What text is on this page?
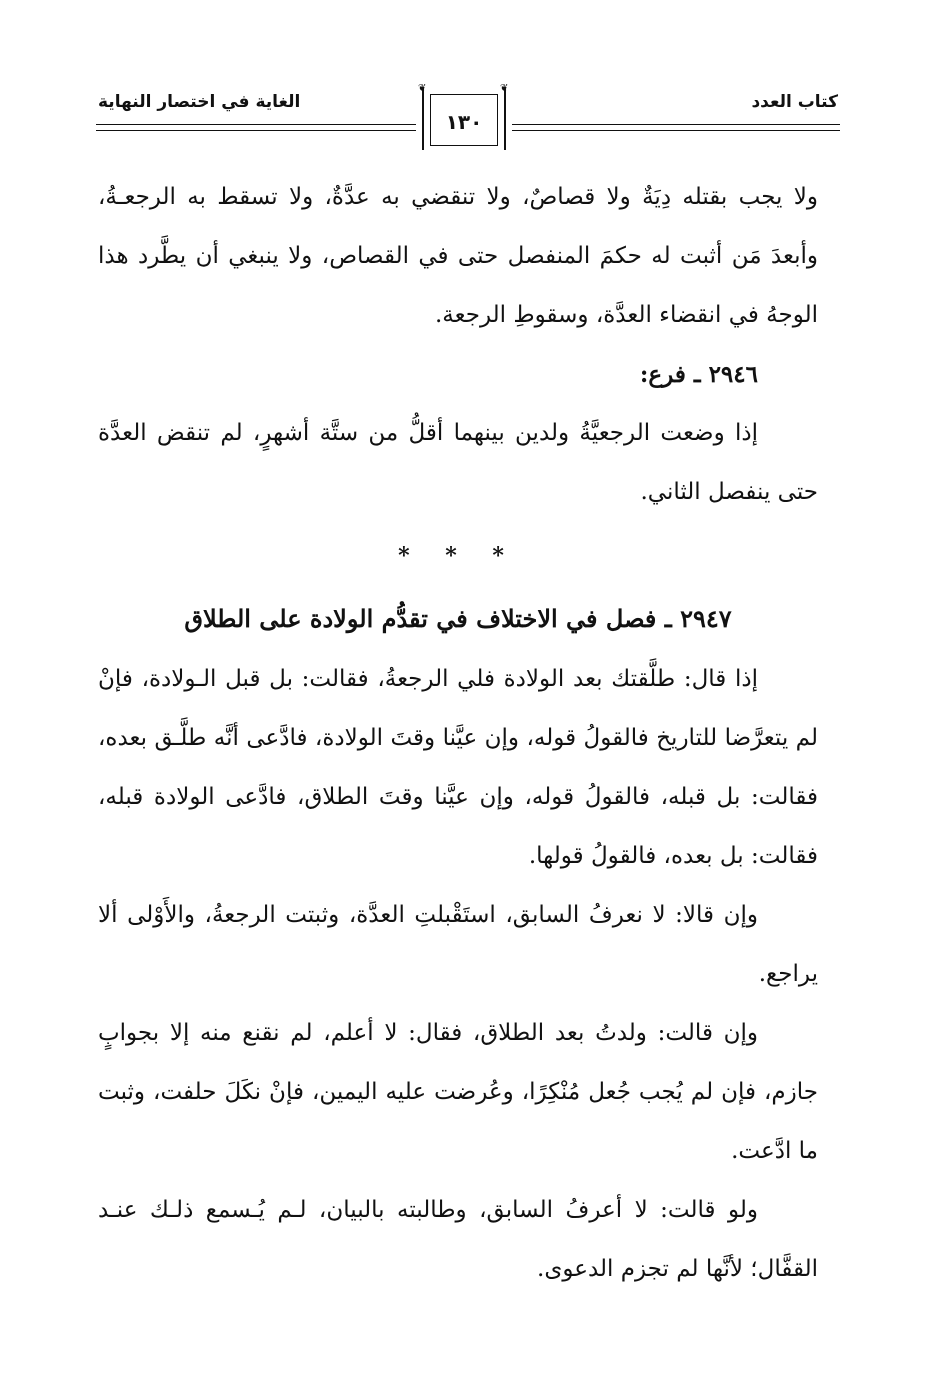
كتاب العدد
الغاية في اختصار النهاية
❦	❦
١٣٠

ولا يجب بقتله دِيَةٌ ولا قصاصٌ، ولا تنقضي به عدَّةٌ، ولا تسقط به الرجعـةُ، وأبعدَ مَن أثبت له حكمَ المنفصل حتى في القصاص، ولا ينبغي أن يطَّرد هذا الوجهُ في انقضاء العدَّة، وسقوطِ الرجعة.

٢٩٤٦ ـ فرع:

إذا وضعت الرجعيَّةُ ولدين بينهما أقلُّ من ستَّة أشهرٍ، لم تنقض العدَّة حتى ينفصل الثاني.

* * *

٢٩٤٧ ـ فصل في الاختلاف في تقدُّم الولادة على الطلاق

إذا قال: طلَّقتك بعد الولادة فلي الرجعةُ، فقالت: بل قبل الـولادة، فإنْ لم يتعرَّضا للتاريخ فالقولُ قوله، وإن عيَّنا وقتَ الولادة، فادَّعى أنَّه طلَّـق بعده، فقالت: بل قبله، فالقولُ قوله، وإن عيَّنا وقتَ الطلاق، فادَّعى الولادة قبله، فقالت: بل بعده، فالقولُ قولها.

وإن قالا: لا نعرفُ السابق، استَقْبلتِ العدَّة، وثبتت الرجعةُ، والأَوْلى ألا يراجع.

وإن قالت: ولدتُ بعد الطلاق، فقال: لا أعلم، لم نقنع منه إلا بجوابٍ جازم، فإن لم يُجب جُعل مُنْكِرًا، وعُرضت عليه اليمين، فإنْ نكَلَ حلفت، وثبت ما ادَّعت.

ولو قالت: لا أعرفُ السابق، وطالبته بالبيان، لـم يُـسمع ذلـك عنـد القفَّال؛ لأنَّها لم تجزم الدعوى.
